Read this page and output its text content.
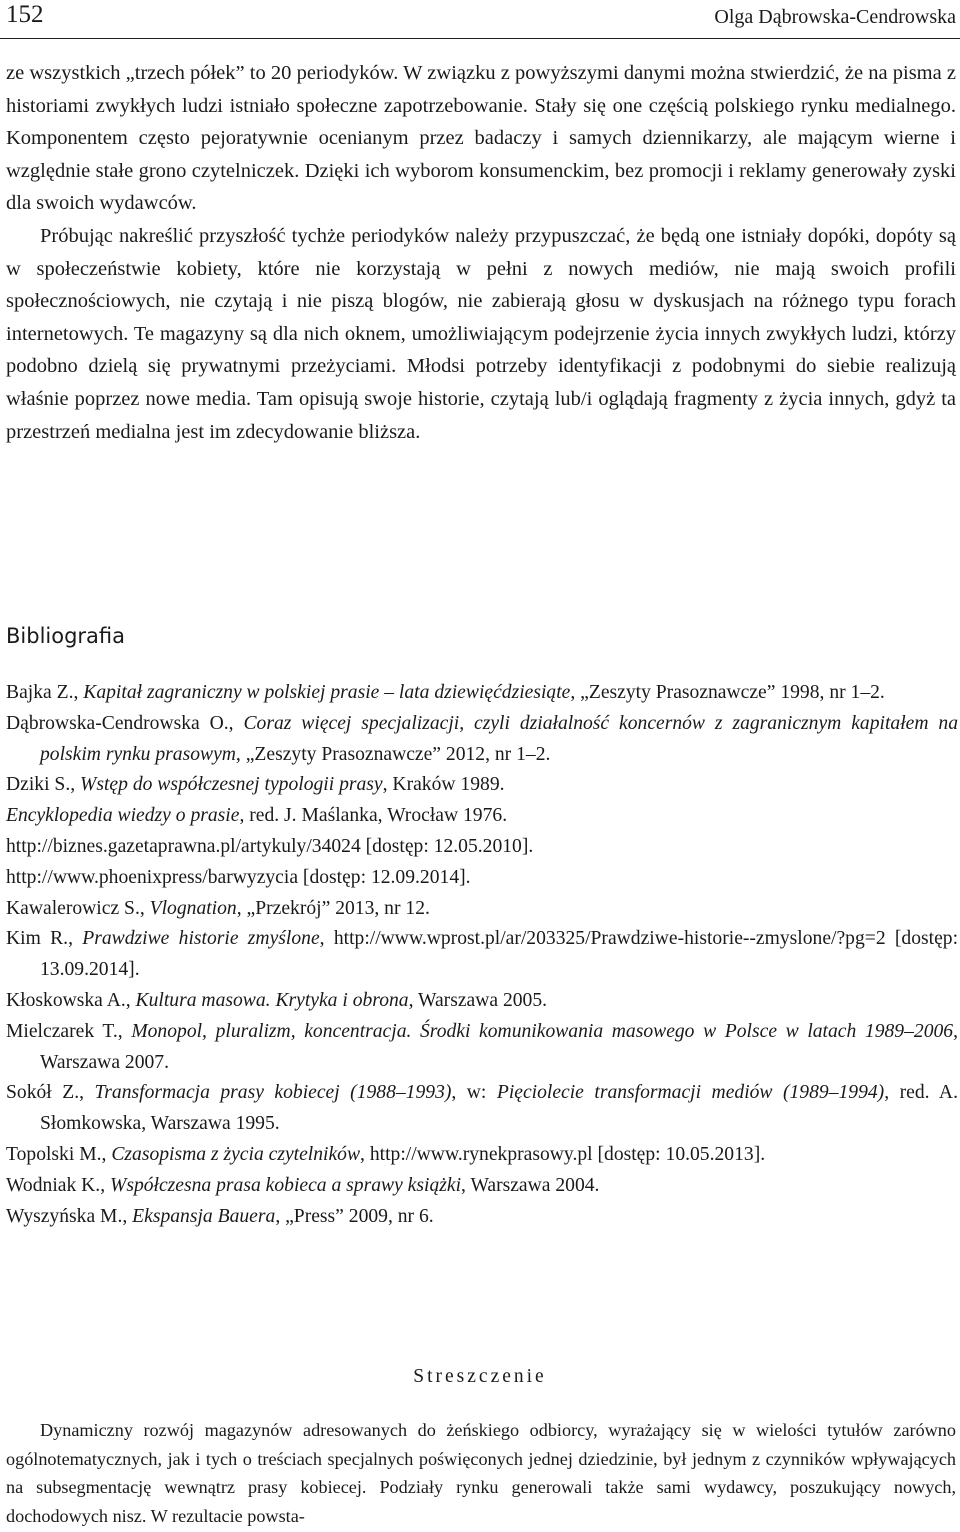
152	Olga Dąbrowska-Cendrowska

ze wszystkich „trzech półek” to 20 periodyków. W związku z powyższymi danymi można stwierdzić, że na pisma z historiami zwykłych ludzi istniało społeczne zapotrzebowanie. Stały się one częścią polskiego rynku medialnego. Komponentem często pejoratywnie ocenianym przez badaczy i samych dziennikarzy, ale mającym wierne i względnie stałe grono czytelniczek. Dzięki ich wyborom konsumenckim, bez promocji i reklamy generowały zyski dla swoich wydawców.

Próbując nakreślić przyszłość tychże periodyków należy przypuszczać, że będą one istniały dopóki, dopóty są w społeczeństwie kobiety, które nie korzystają w pełni z nowych mediów, nie mają swoich profili społecznościowych, nie czytają i nie piszą blogów, nie zabierają głosu w dyskusjach na różnego typu forach internetowych. Te magazyny są dla nich oknem, umożliwiającym podejrzenie życia innych zwykłych ludzi, którzy podobno dzielą się prywatnymi przeżyciami. Młodsi potrzeby identyfikacji z podobnymi do siebie realizują właśnie poprzez nowe media. Tam opisują swoje historie, czytają lub/i oglądają fragmenty z życia innych, gdyż ta przestrzeń medialna jest im zdecydowanie bliższa.

Bibliografia
Bajka Z., Kapitał zagraniczny w polskiej prasie – lata dziewięćdziesiąte, „Zeszyty Prasoznawcze” 1998, nr 1–2.
Dąbrowska-Cendrowska O., Coraz więcej specjalizacji, czyli działalność koncernów z zagranicznym kapitałem na polskim rynku prasowym, „Zeszyty Prasoznawcze” 2012, nr 1–2.
Dziki S., Wstęp do współczesnej typologii prasy, Kraków 1989.
Encyklopedia wiedzy o prasie, red. J. Maślanka, Wrocław 1976.
http://biznes.gazetaprawna.pl/artykuly/34024 [dostęp: 12.05.2010].
http://www.phoenixpress/barwyzycia [dostęp: 12.09.2014].
Kawalerowicz S., Vlognation, „Przekrój” 2013, nr 12.
Kim R., Prawdziwe historie zmyślone, http://www.wprost.pl/ar/203325/Prawdziwe-historie--zmyslone/?pg=2 [dostęp: 13.09.2014].
Kłoskowska A., Kultura masowa. Krytyka i obrona, Warszawa 2005.
Mielczarek T., Monopol, pluralizm, koncentracja. Środki komunikowania masowego w Polsce w latach 1989–2006, Warszawa 2007.
Sokół Z., Transformacja prasy kobiecej (1988–1993), w: Pięciolecie transformacji mediów (1989–1994), red. A. Słomkowska, Warszawa 1995.
Topolski M., Czasopisma z życia czytelników, http://www.rynekprasowy.pl [dostęp: 10.05.2013].
Wodniak K., Współczesna prasa kobieca a sprawy książki, Warszawa 2004.
Wyszyńska M., Ekspansja Bauera, „Press” 2009, nr 6.
Streszczenie

Dynamiczny rozwój magazynów adresowanych do żeńskiego odbiorcy, wyrażający się w wielości tytułów zarówno ogólnotematycznych, jak i tych o treściach specjalnych poświęconych jednej dziedzinie, był jednym z czynników wpływających na subsegmentację wewnątrz prasy kobiecej. Podziały rynku generowali także sami wydawcy, poszukujący nowych, dochodowych nisz. W rezultacie powsta-
